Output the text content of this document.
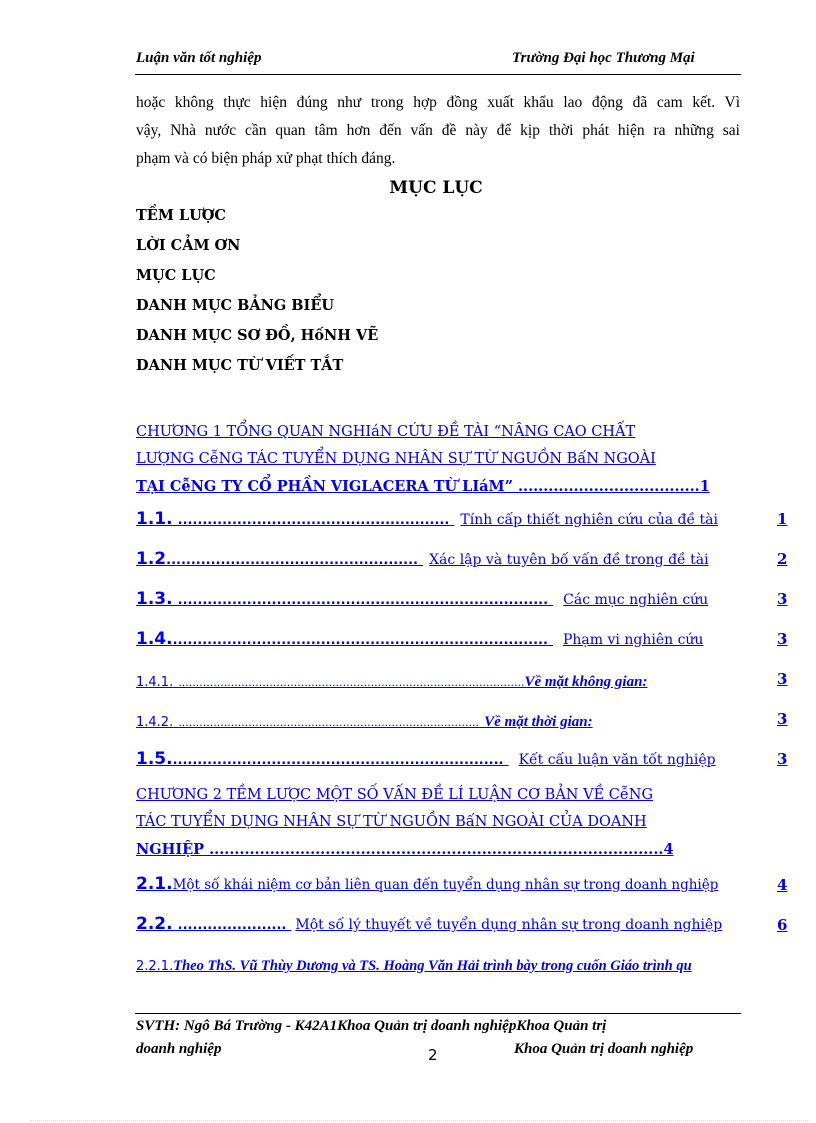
Luận văn tốt nghiệp	Trường Đại học Thương Mại
hoặc không thực hiện đúng như trong hợp đồng xuất khẩu lao động đã cam kết. Vì
vậy, Nhà nước cần quan tâm hơn đến vấn đề này để kịp thời phát hiện ra những sai
phạm và có biện pháp xử phạt thích đáng.
MỤC LỤC
TỀM LƯỢC
LỜI CẢM ƠN
MỤC LỤC
DANH MỤC BẢNG BIỂU
DANH MỤC SƠ ĐỒ, HốNH VẼ
DANH MỤC TỪ VIẾT TẮT
CHƯƠNG 1 TỔNG QUAN NGHIáN CỨU ĐỀ TÀI “NÂNG CAO CHẤT
LƯỢNG CễNG TÁC TUYỂN DỤNG NHÂN SỰ TỪ NGUỒN BấN NGOÀI
TẠI CễNG TY CỔ PHẦN VIGLACERA TỪ LIáM” ....................................1
1.1. ....................................................... Tính cấp thiết nghiên cứu của đề tài	1
1.2................................................... Xác lập và tuyên bố vấn đề trong đề tài	2
1.3. ........................................................................... Các mục nghiên cứu	3
1.4............................................................................. Phạm vi nghiên cứu	3
1.4.1. ...................................................................................................Về mặt không gian:	3
1.4.2. ...................................................................................... Về mặt thời gian:	3
1.5.................................................................... Kết cấu luận văn tốt nghiệp	3
CHƯƠNG 2 TỀM LƯỢC MỘT SỐ VẤN ĐỀ LÍ LUẬN CƠ BẢN VỀ CễNG
TÁC TUYỂN DỤNG NHÂN SỰ TỪ NGUỒN BấN NGOÀI CỦA DOANH
NGHIỆP ..........................................................................................4
2.1.Một số khái niệm cơ bản liên quan đến tuyển dụng nhân sự trong doanh nghiệp	4
2.2. ...................... Một số lý thuyết về tuyển dụng nhân sự trong doanh nghiệp	6
2.2.1.Theo ThS. Vũ Thùy Dương và TS. Hoàng Văn Hải trình bày trong cuốn Giáo trình qu
SVTH: Ngô Bá Trường - K42A1Khoa Quản trị doanh nghiệpKhoa Quản trị
doanh nghiệp	2	Khoa Quản trị doanh nghiệp
